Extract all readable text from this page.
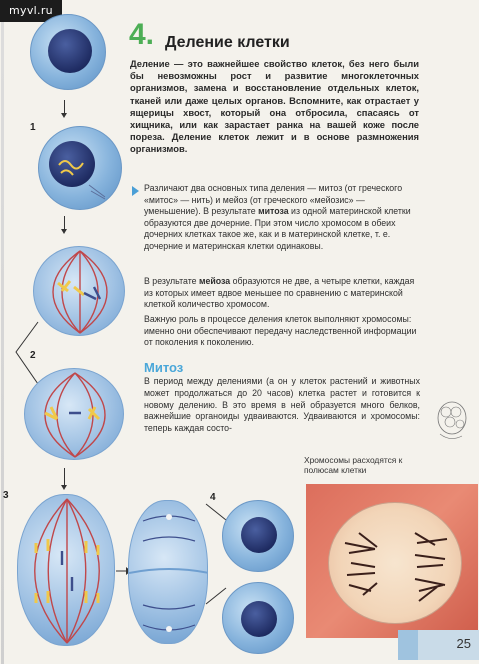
myvl.ru
1
2
3	4
4. Деление клетки

Деление — это важнейшее свойство клеток, без него были бы невозможны рост и развитие многоклеточных организмов, замена и восстановление отдельных клеток, тканей или даже целых органов. Вспомните, как отрастает у ящерицы хвост, который она отбросила, спасаясь от хищника, или как зарастает ранка на вашей коже после пореза. Деление клеток лежит и в основе размножения организмов.

Различают два основных типа деления — митоз (от греческого «митос» — нить) и мейоз (от греческого «мейозис» — уменьшение). В результате митоза из одной материнской клетки образуются две дочерние. При этом число хромосом в обеих дочерних клетках такое же, как и в материнской клетке, т. е. дочерние и материнская клетки одинаковы.

В результате мейоза образуются не две, а четыре клетки, каждая из которых имеет вдвое меньшее по сравнению с материнской клеткой количество хромосом.

Важную роль в процессе деления клеток выполняют хромосомы: именно они обеспечивают передачу наследственной информации от поколения к поколению.

Митоз

В период между делениями (а он у клеток растений и животных может продолжаться до 20 часов) клетка растет и готовится к новому делению. В это время в ней образуется много белков, важнейшие органоиды удваиваются. Удваиваются и хромосомы: теперь каждая состо-

Хромосомы расходятся к полюсам клетки
25
